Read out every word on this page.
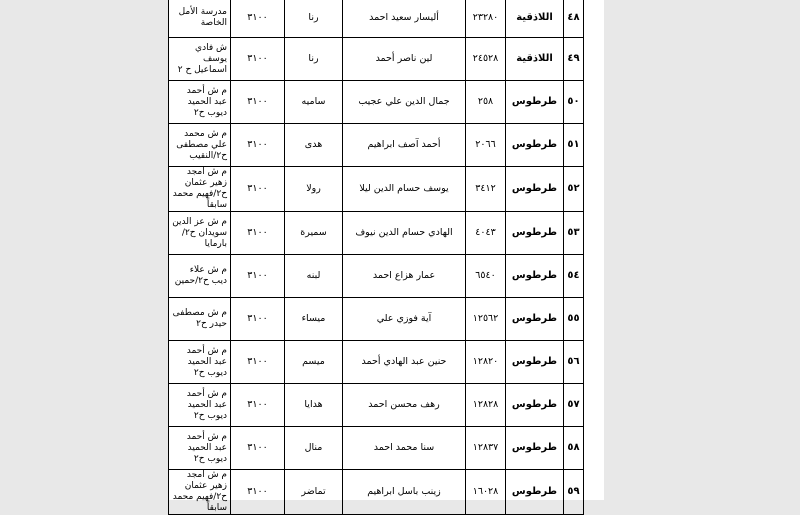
٤٨	اللاذقية	٢٣٢٨٠	أليسار سعيد احمد	رنا	٣١٠٠	مدرسة الأمل الخاصة
٤٩	اللاذقية	٢٤٥٢٨	لين ناصر أحمد	رنا	٣١٠٠	ش فادي يوسف اسماعيل ح ٢
٥٠	طرطوس	٢٥٨	جمال الدين علي عجيب	ساميه	٣١٠٠	م ش أحمد عبد الحميد ديوب ح٢
٥١	طرطوس	٢٠٦٦	أحمد آصف ابراهيم	هدى	٣١٠٠	م ش محمد علي مصطفى ح٢/النقيب
٥٢	طرطوس	٣٤١٢	يوسف حسام الدين ليلا	رولا	٣١٠٠	م ش امجد زهير عثمان ح٢/فهيم محمد سابقاً
٥٣	طرطوس	٤٠٤٣	الهادي حسام الدين نيوف	سميرة	٣١٠٠	م ش عز الدين سويدان ح٢/بارمايا
٥٤	طرطوس	٦٥٤٠	عمار هزاع احمد	لبنه	٣١٠٠	م ش علاء ديب ح٢/حمين
٥٥	طرطوس	١٢٥٦٢	آية فوزي علي	ميساء	٣١٠٠	م ش مصطفى حيدر ح٢
٥٦	طرطوس	١٢٨٢٠	حنين عبد الهادي أحمد	ميسم	٣١٠٠	م ش أحمد عبد الحميد ديوب ح٢
٥٧	طرطوس	١٢٨٢٨	رهف محسن احمد	هدايا	٣١٠٠	م ش أحمد عبد الحميد ديوب ح٢
٥٨	طرطوس	١٢٨٣٧	سنا محمد احمد	منال	٣١٠٠	م ش أحمد عبد الحميد ديوب ح٢
٥٩	طرطوس	١٦٠٢٨	زينب باسل ابراهيم	تماضر	٣١٠٠	م ش امجد زهير عثمان ح٢/فهيم محمد سابقاً
